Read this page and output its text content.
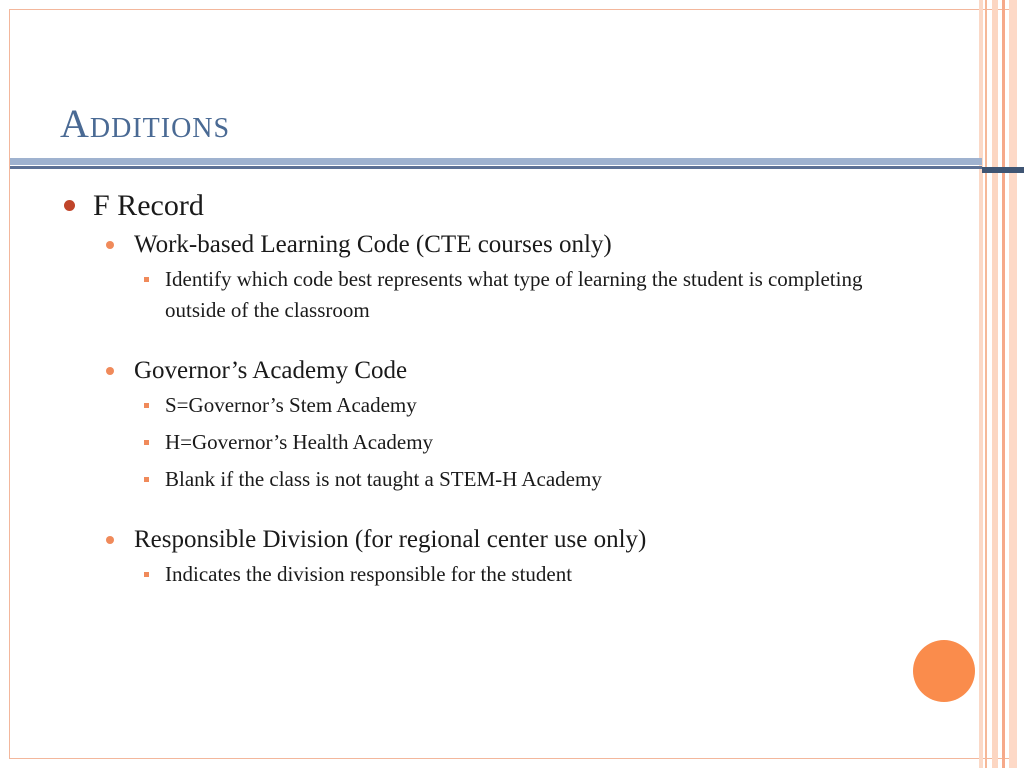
Additions

F Record

Work-based Learning Code (CTE courses only)

Identify which code best represents what type of learning the student is completing outside of the classroom

Governor’s Academy Code

S=Governor’s Stem Academy

H=Governor’s Health Academy

Blank if the class is not taught a STEM-H Academy

Responsible Division (for regional center use only)

Indicates the division responsible for the student
